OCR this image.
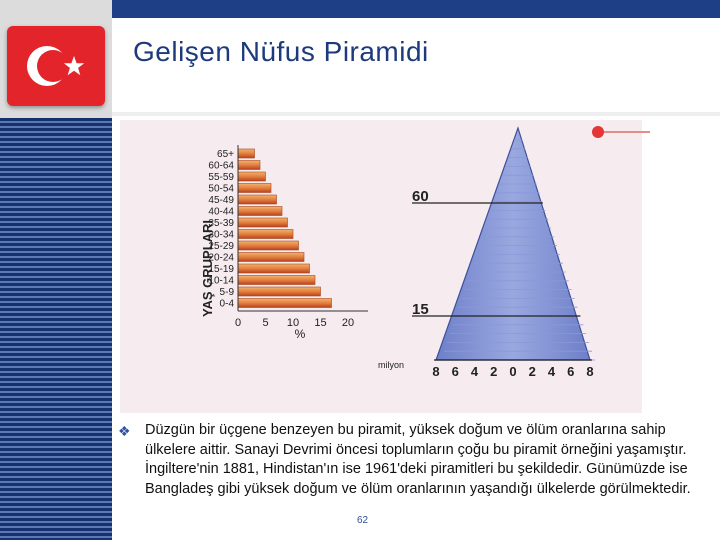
Gelişen Nüfus Piramidi
65+
60-64
55-59
50-54
45-49
40-44
35-39
30-34
25-29
20-24
15-19
10-14
5-9
0-4
0 5 10 15 20
YAŞ GRUPLARI
%
60
15
8 6 4 2 0 2 4 6 8
milyon
❖ Düzgün bir üçgene benzeyen bu piramit, yüksek doğum ve ölüm oranlarına sahip ülkelere aittir. Sanayi Devrimi öncesi toplumların çoğu bu piramit örneğini yaşamıştır. İngiltere'nin 1881, Hindistan'ın ise 1961'deki piramitleri bu şekildedir. Günümüzde ise Bangladeş gibi yüksek doğum ve ölüm oranlarının yaşandığı ülkelerde görülmektedir.
62
